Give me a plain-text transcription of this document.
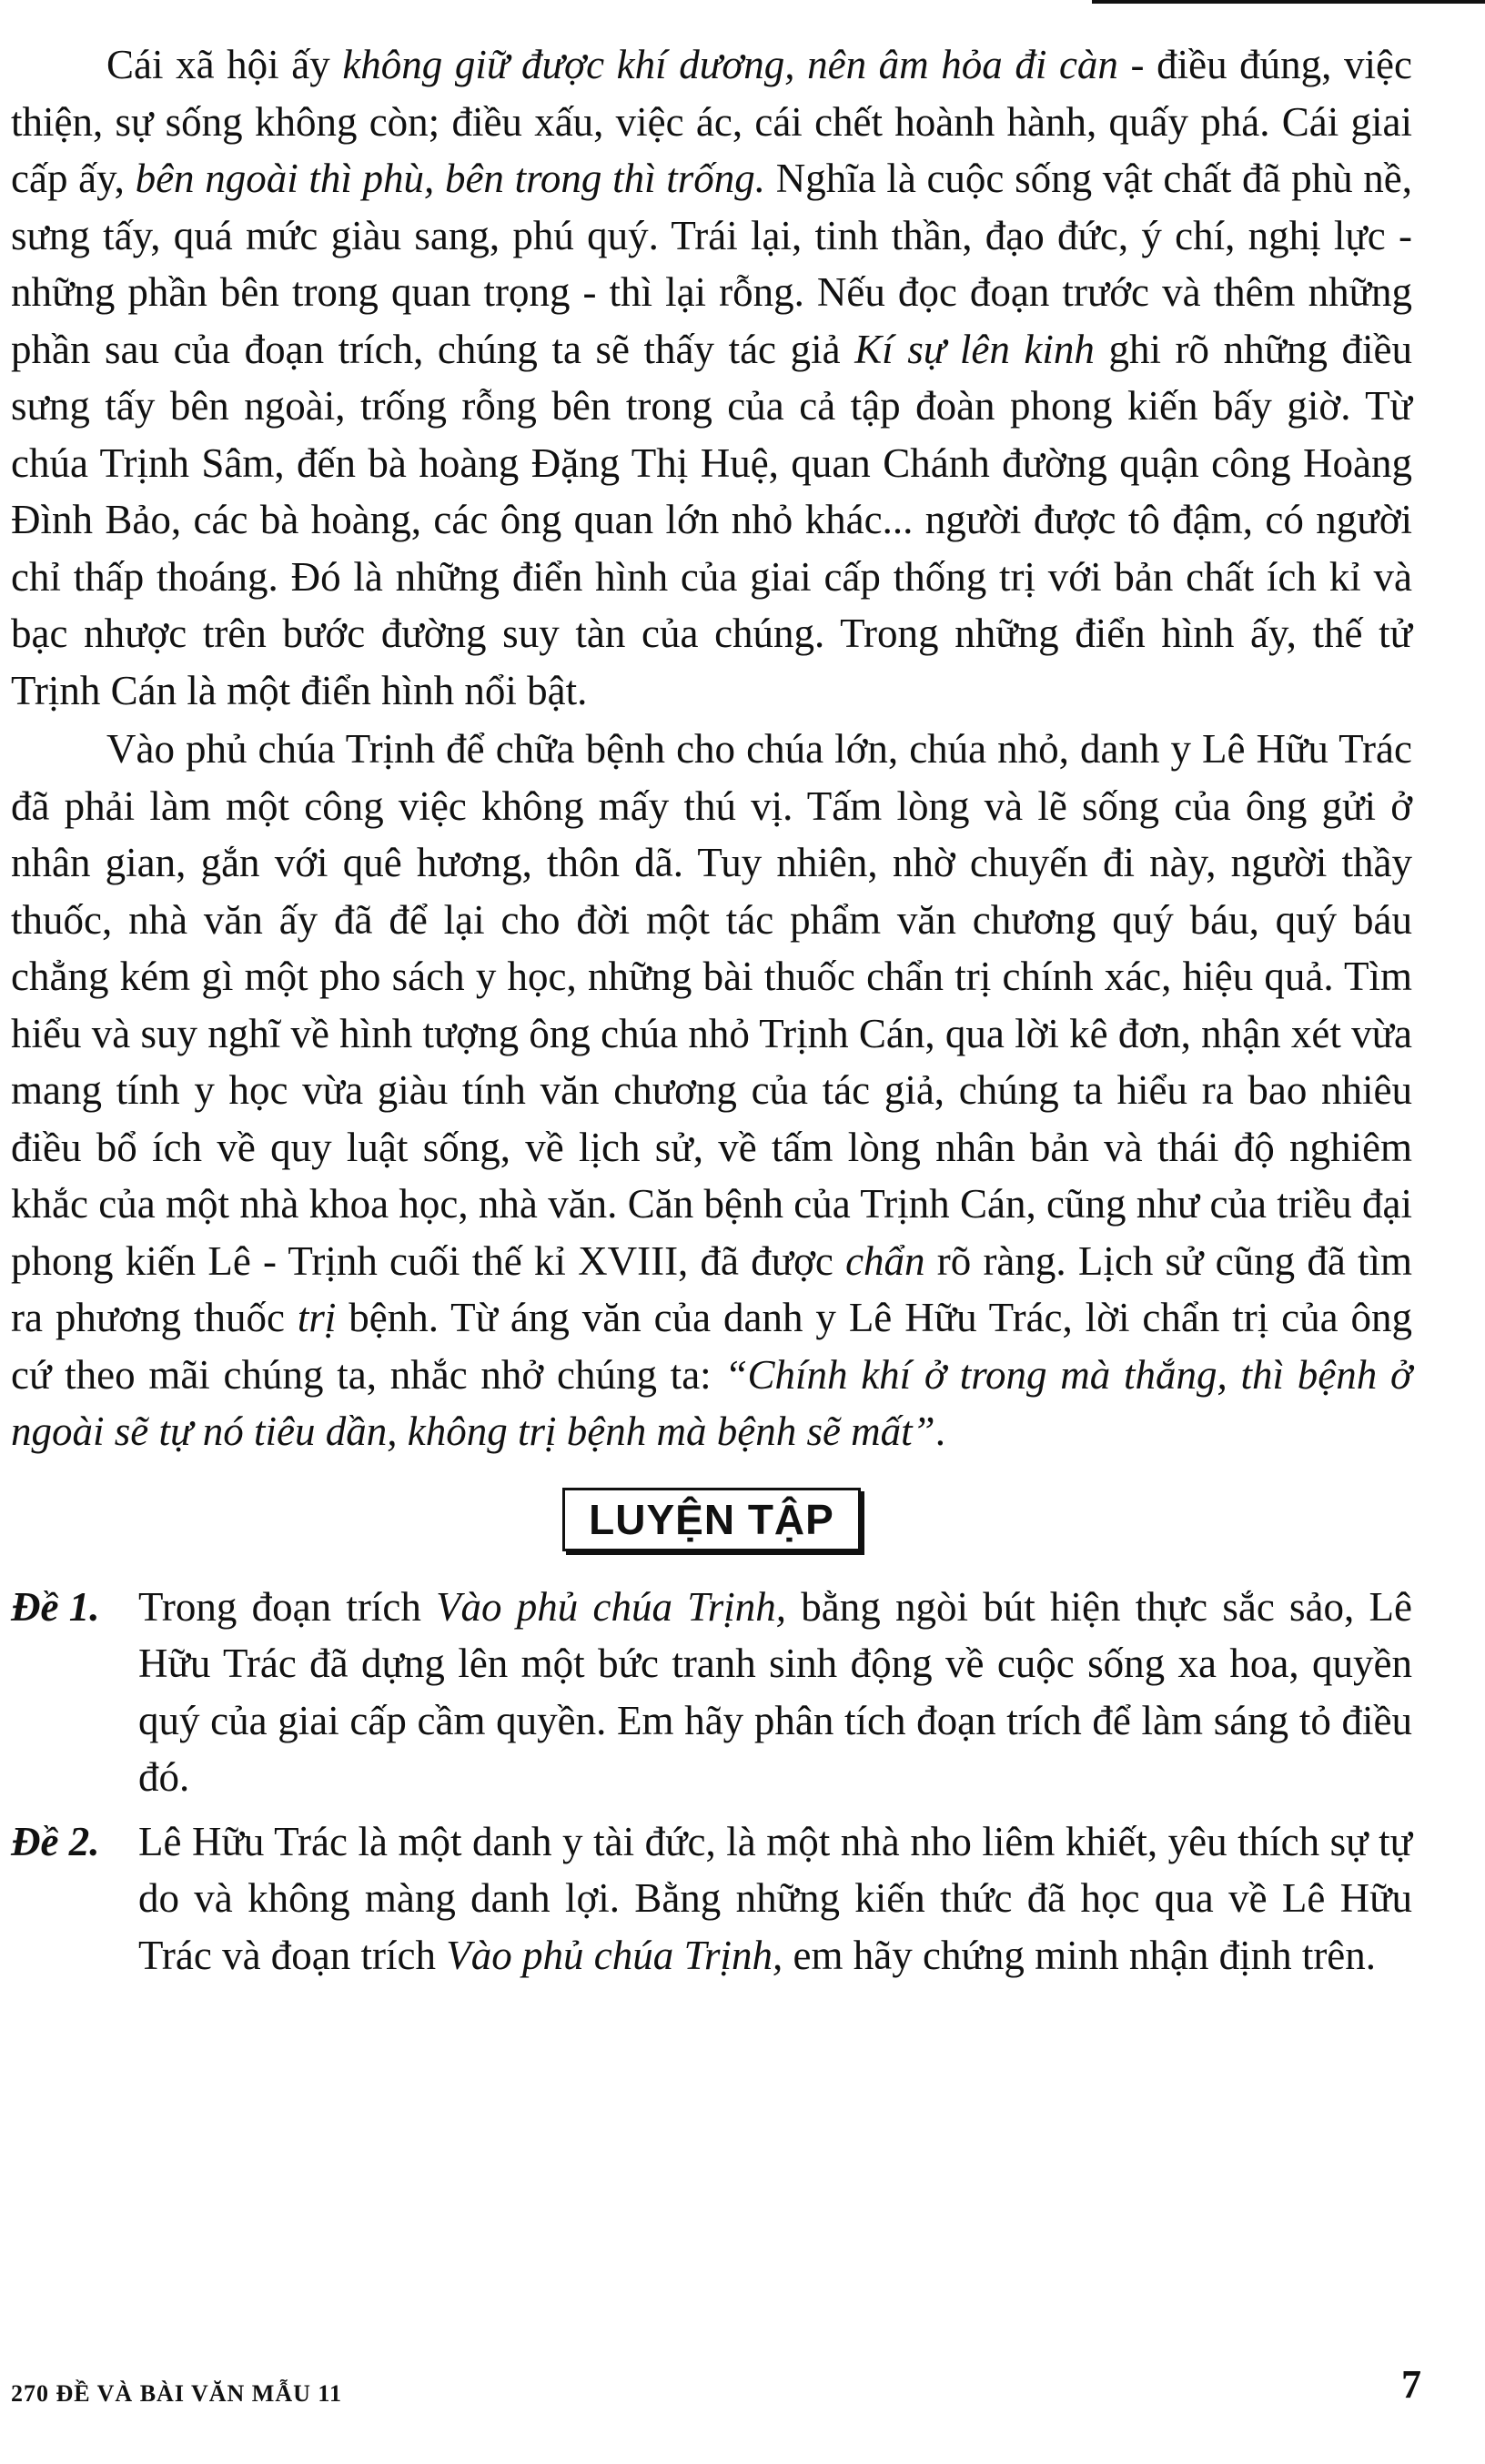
Cái xã hội ấy không giữ được khí dương, nên âm hỏa đi càn - điều đúng, việc thiện, sự sống không còn; điều xấu, việc ác, cái chết hoành hành, quấy phá. Cái giai cấp ấy, bên ngoài thì phù, bên trong thì trống. Nghĩa là cuộc sống vật chất đã phù nề, sưng tấy, quá mức giàu sang, phú quý. Trái lại, tinh thần, đạo đức, ý chí, nghị lực - những phần bên trong quan trọng - thì lại rỗng. Nếu đọc đoạn trước và thêm những phần sau của đoạn trích, chúng ta sẽ thấy tác giả Kí sự lên kinh ghi rõ những điều sưng tấy bên ngoài, trống rỗng bên trong của cả tập đoàn phong kiến bấy giờ. Từ chúa Trịnh Sâm, đến bà hoàng Đặng Thị Huệ, quan Chánh đường quận công Hoàng Đình Bảo, các bà hoàng, các ông quan lớn nhỏ khác... người được tô đậm, có người chỉ thấp thoáng. Đó là những điển hình của giai cấp thống trị với bản chất ích kỉ và bạc nhược trên bước đường suy tàn của chúng. Trong những điển hình ấy, thế tử Trịnh Cán là một điển hình nổi bật.

Vào phủ chúa Trịnh để chữa bệnh cho chúa lớn, chúa nhỏ, danh y Lê Hữu Trác đã phải làm một công việc không mấy thú vị. Tấm lòng và lẽ sống của ông gửi ở nhân gian, gắn với quê hương, thôn dã. Tuy nhiên, nhờ chuyến đi này, người thầy thuốc, nhà văn ấy đã để lại cho đời một tác phẩm văn chương quý báu, quý báu chẳng kém gì một pho sách y học, những bài thuốc chẩn trị chính xác, hiệu quả. Tìm hiểu và suy nghĩ về hình tượng ông chúa nhỏ Trịnh Cán, qua lời kê đơn, nhận xét vừa mang tính y học vừa giàu tính văn chương của tác giả, chúng ta hiểu ra bao nhiêu điều bổ ích về quy luật sống, về lịch sử, về tấm lòng nhân bản và thái độ nghiêm khắc của một nhà khoa học, nhà văn. Căn bệnh của Trịnh Cán, cũng như của triều đại phong kiến Lê - Trịnh cuối thế kỉ XVIII, đã được chẩn rõ ràng. Lịch sử cũng đã tìm ra phương thuốc trị bệnh. Từ áng văn của danh y Lê Hữu Trác, lời chẩn trị của ông cứ theo mãi chúng ta, nhắc nhở chúng ta: “Chính khí ở trong mà thắng, thì bệnh ở ngoài sẽ tự nó tiêu dần, không trị bệnh mà bệnh sẽ mất”.

LUYỆN TẬP
Đề 1. Trong đoạn trích Vào phủ chúa Trịnh, bằng ngòi bút hiện thực sắc sảo, Lê Hữu Trác đã dựng lên một bức tranh sinh động về cuộc sống xa hoa, quyền quý của giai cấp cầm quyền. Em hãy phân tích đoạn trích để làm sáng tỏ điều đó.
Đề 2. Lê Hữu Trác là một danh y tài đức, là một nhà nho liêm khiết, yêu thích sự tự do và không màng danh lợi. Bằng những kiến thức đã học qua về Lê Hữu Trác và đoạn trích Vào phủ chúa Trịnh, em hãy chứng minh nhận định trên.
270 ĐỀ VÀ BÀI VĂN MẪU 11	7
